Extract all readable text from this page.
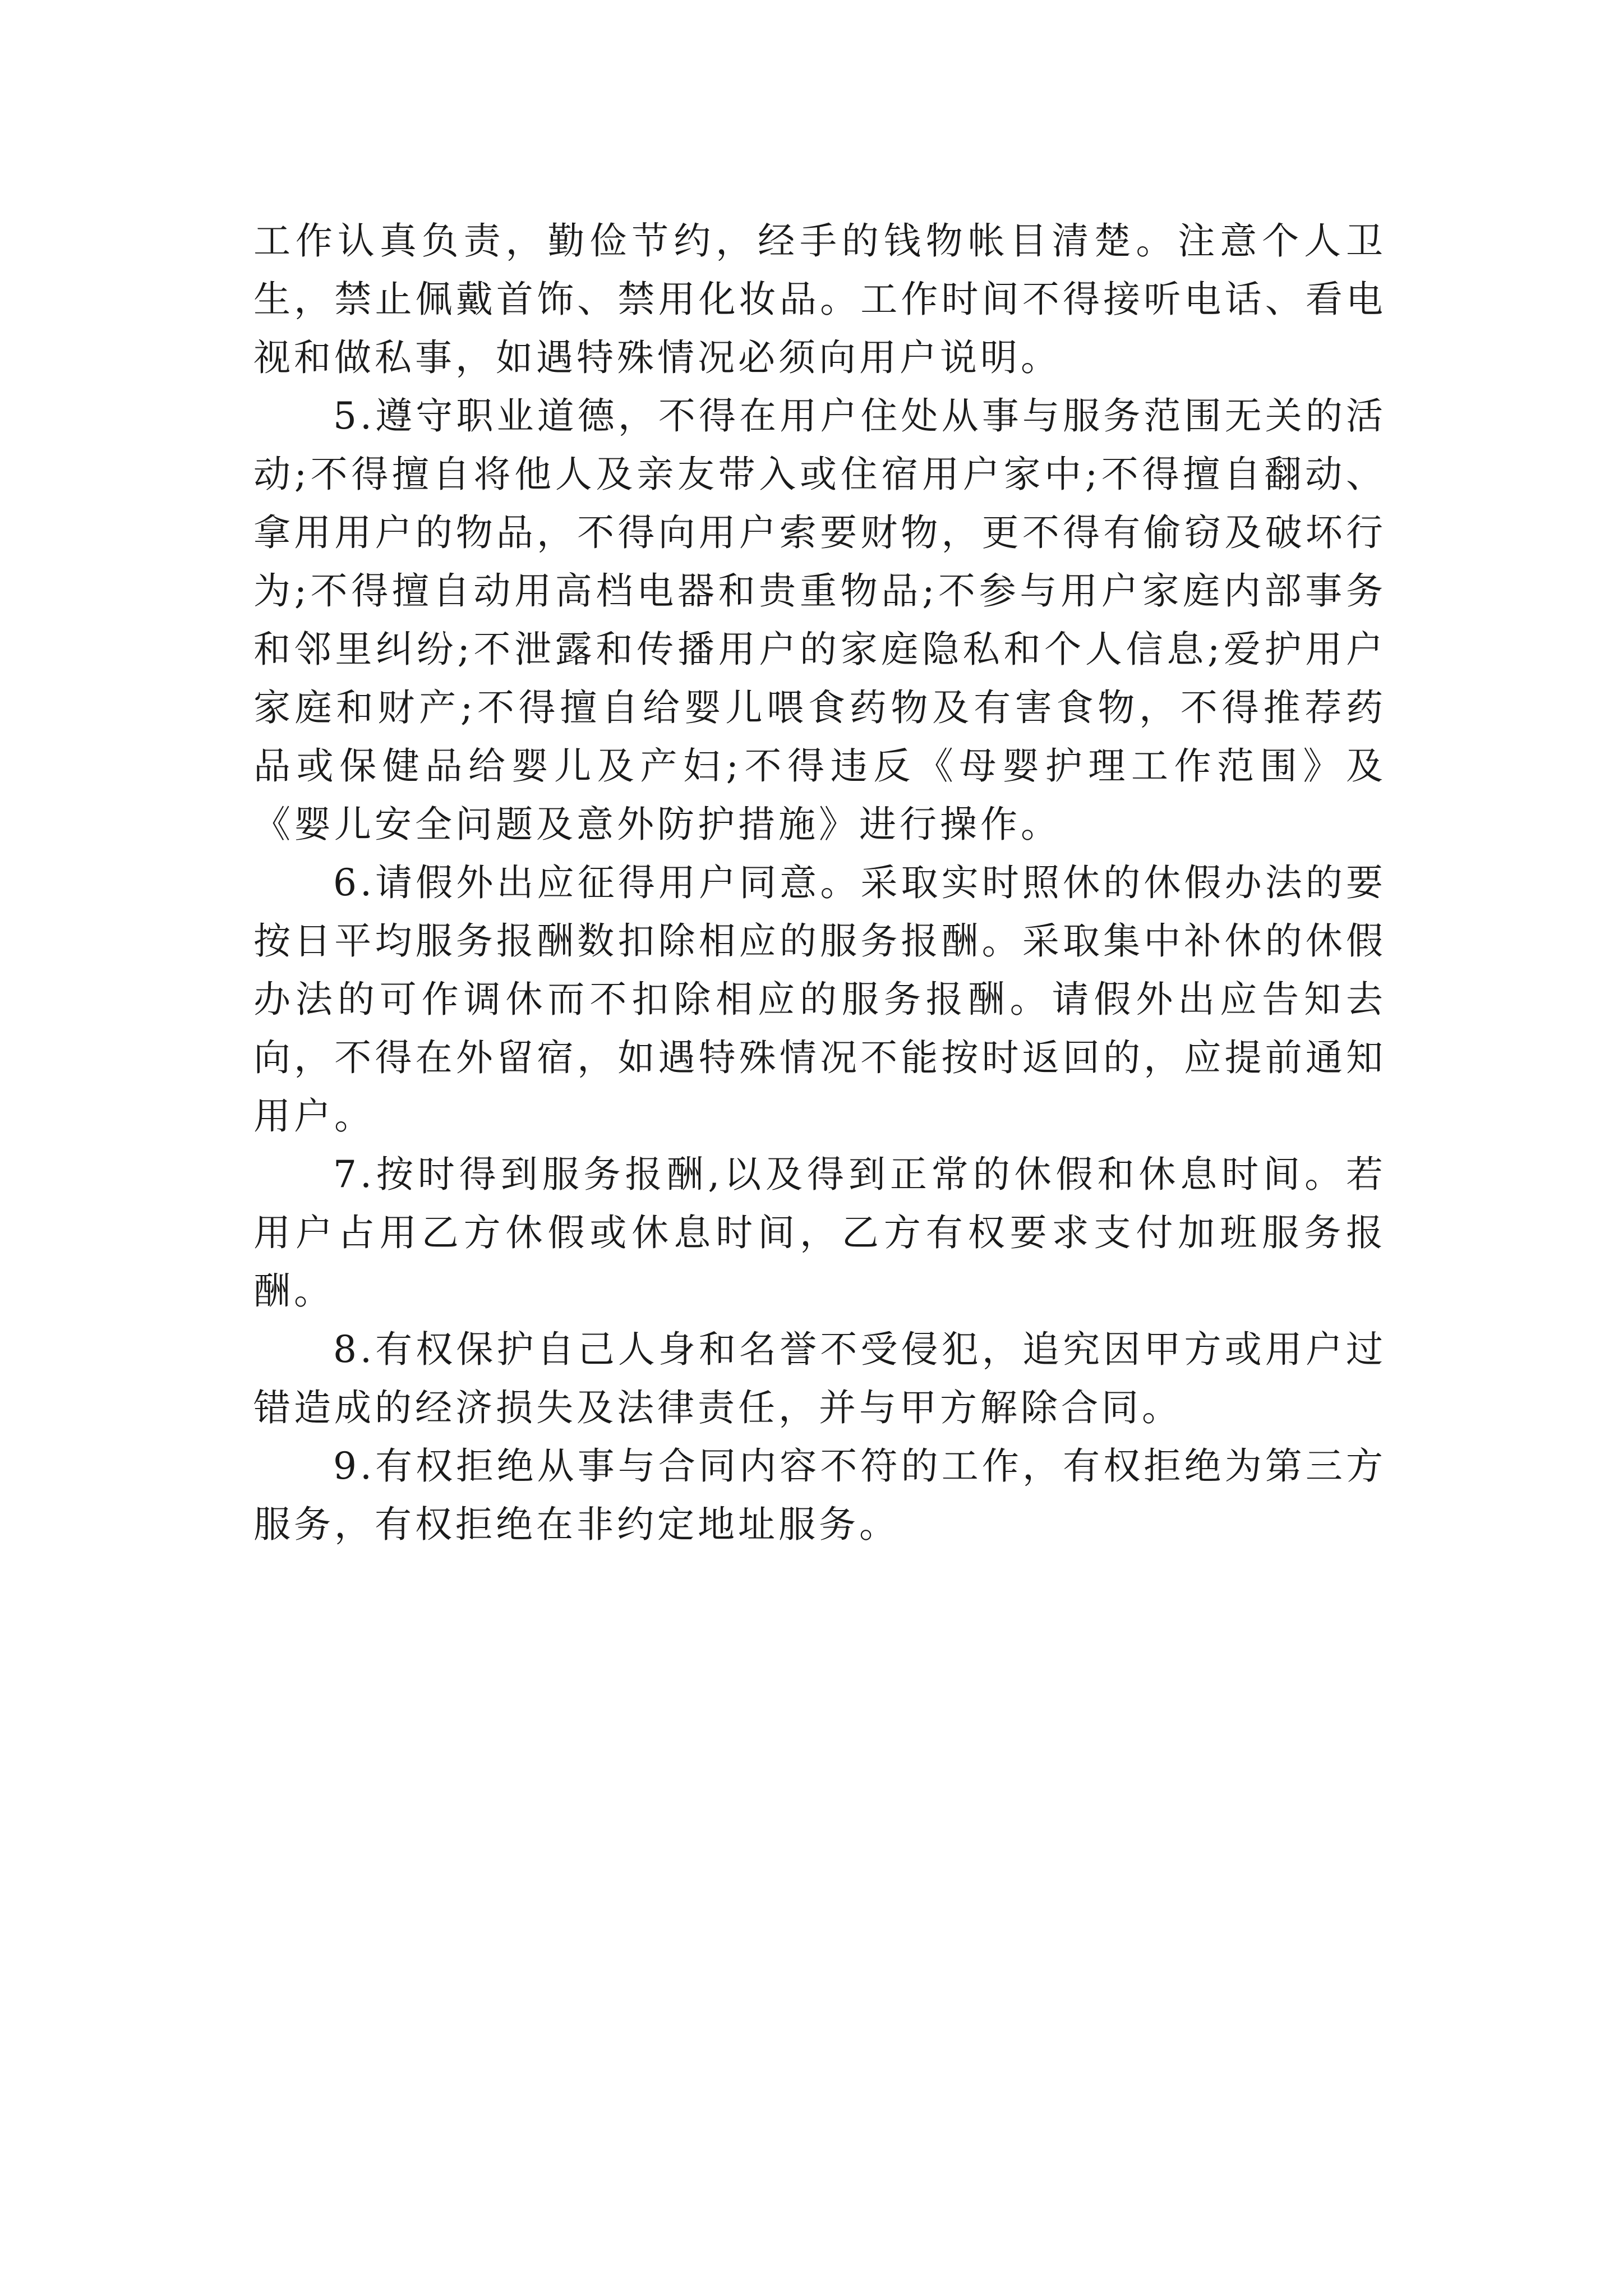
工作认真负责，勤俭节约，经手的钱物帐目清楚。注意个人卫生，禁止佩戴首饰、禁用化妆品。工作时间不得接听电话、看电视和做私事，如遇特殊情况必须向用户说明。

5.遵守职业道德，不得在用户住处从事与服务范围无关的活动;不得擅自将他人及亲友带入或住宿用户家中;不得擅自翻动、拿用用户的物品，不得向用户索要财物，更不得有偷窃及破坏行为;不得擅自动用高档电器和贵重物品;不参与用户家庭内部事务和邻里纠纷;不泄露和传播用户的家庭隐私和个人信息;爱护用户家庭和财产;不得擅自给婴儿喂食药物及有害食物，不得推荐药品或保健品给婴儿及产妇;不得违反《母婴护理工作范围》及《婴儿安全问题及意外防护措施》进行操作。

6.请假外出应征得用户同意。采取实时照休的休假办法的要按日平均服务报酬数扣除相应的服务报酬。采取集中补休的休假办法的可作调休而不扣除相应的服务报酬。请假外出应告知去向，不得在外留宿，如遇特殊情况不能按时返回的，应提前通知用户。

7.按时得到服务报酬,以及得到正常的休假和休息时间。若用户占用乙方休假或休息时间，乙方有权要求支付加班服务报酬。

8.有权保护自己人身和名誉不受侵犯，追究因甲方或用户过错造成的经济损失及法律责任，并与甲方解除合同。

9.有权拒绝从事与合同内容不符的工作，有权拒绝为第三方服务，有权拒绝在非约定地址服务。
